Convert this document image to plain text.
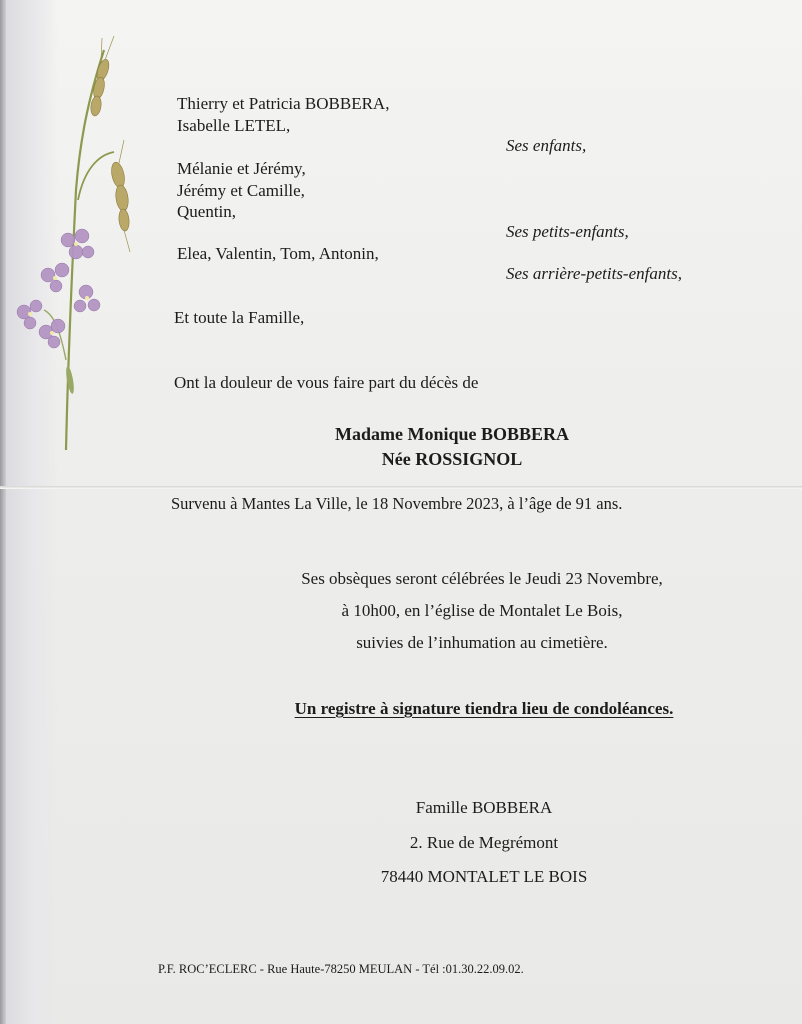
Thierry et Patricia BOBBERA,
Isabelle LETEL,
Ses enfants,
Mélanie et Jérémy,
Jérémy et Camille,
Quentin,
Ses petits-enfants,
Elea, Valentin, Tom, Antonin,
Ses arrière-petits-enfants,
Et toute la Famille,
Ont la douleur de vous faire part du décès de
Madame Monique BOBBERA
Née ROSSIGNOL
Survenu à Mantes La Ville, le 18 Novembre 2023, à l’âge de 91 ans.
Ses obsèques seront célébrées le Jeudi 23 Novembre,
à 10h00, en l’église de Montalet Le Bois,
suivies de l’inhumation au cimetière.
Un registre à signature tiendra lieu de condoléances.
Famille BOBBERA
2. Rue de Megrémont
78440 MONTALET LE BOIS
P.F. ROC’ECLERC - Rue Haute-78250 MEULAN - Tél :01.30.22.09.02.
